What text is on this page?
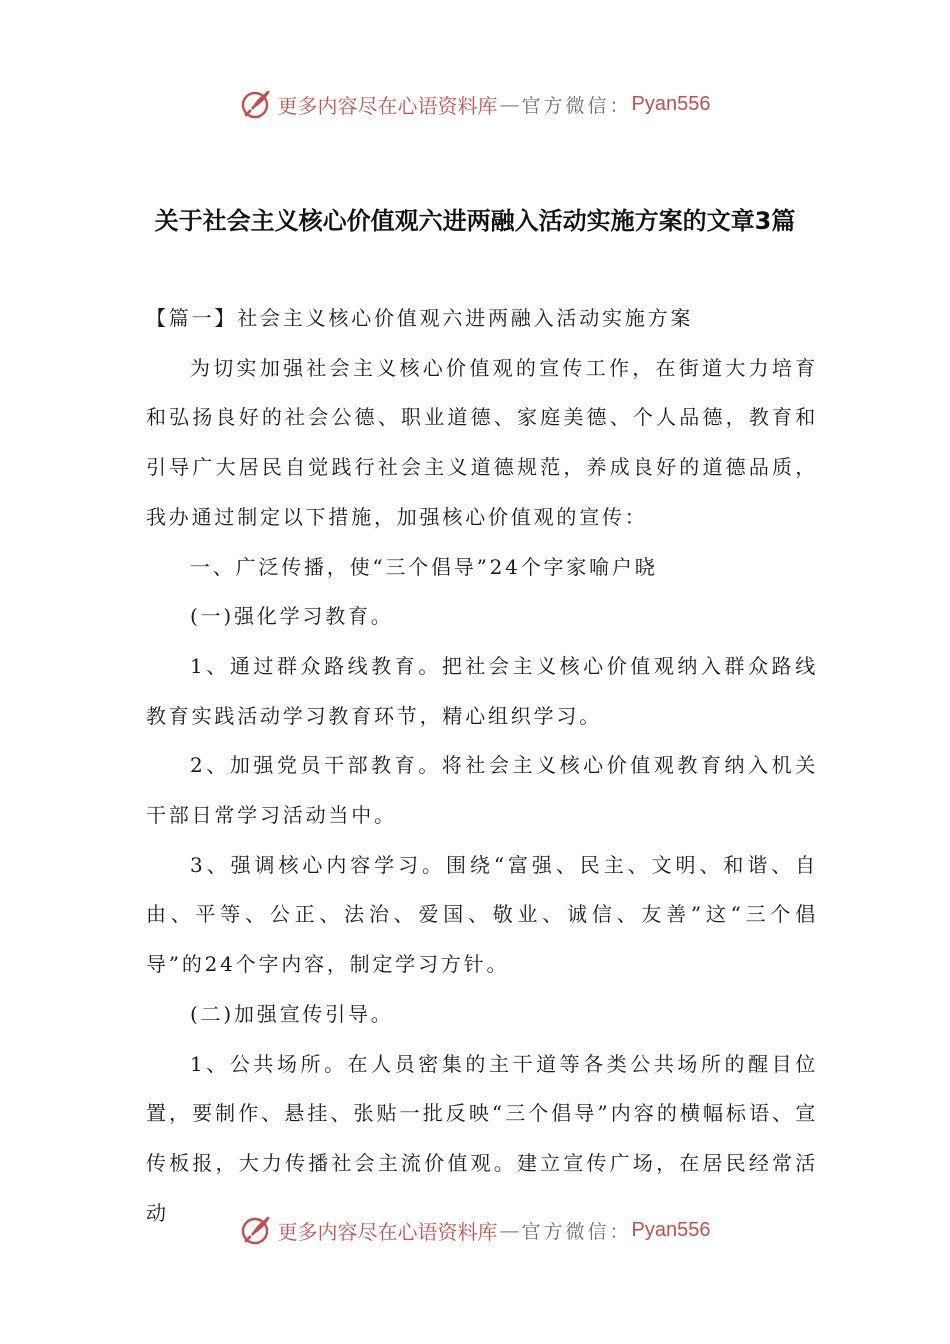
更多内容尽在心语资料库 — 官方微信： Pyan556
关于社会主义核心价值观六进两融入活动实施方案的文章3篇

【篇一】社会主义核心价值观六进两融入活动实施方案

为切实加强社会主义核心价值观的宣传工作，在街道大力培育和弘扬良好的社会公德、职业道德、家庭美德、个人品德，教育和引导广大居民自觉践行社会主义道德规范，养成良好的道德品质，我办通过制定以下措施，加强核心价值观的宣传：

一、广泛传播，使“三个倡导”24个字家喻户晓

(一)强化学习教育。

1、通过群众路线教育。把社会主义核心价值观纳入群众路线教育实践活动学习教育环节，精心组织学习。

2、加强党员干部教育。将社会主义核心价值观教育纳入机关干部日常学习活动当中。

3、强调核心内容学习。围绕“富强、民主、文明、和谐、自由、平等、公正、法治、爱国、敬业、诚信、友善”这“三个倡导”的24个字内容，制定学习方针。

(二)加强宣传引导。

1、公共场所。在人员密集的主干道等各类公共场所的醒目位置，要制作、悬挂、张贴一批反映“三个倡导”内容的横幅标语、宣传板报，大力传播社会主流价值观。建立宣传广场，在居民经常活动

更多内容尽在心语资料库 — 官方微信： Pyan556
